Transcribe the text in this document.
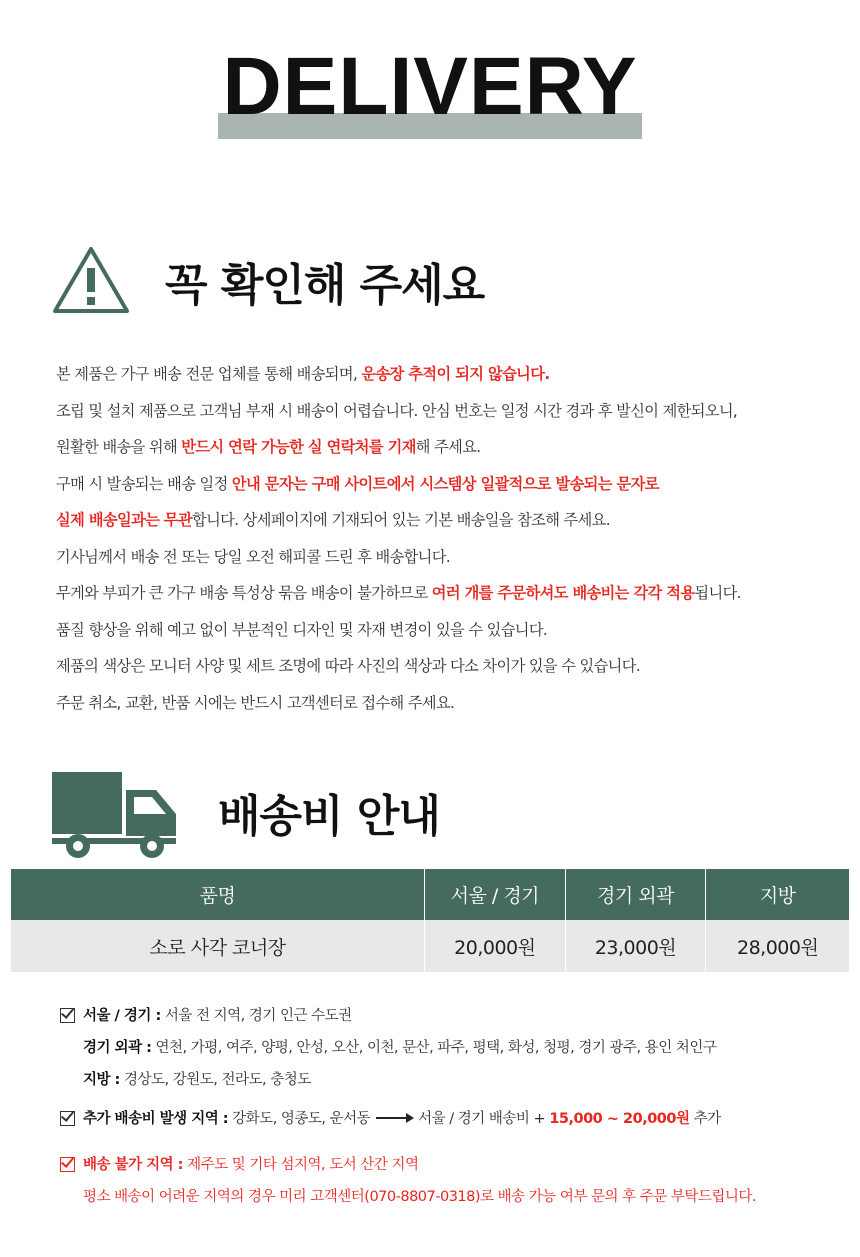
DELIVERY
꼭 확인해 주세요
본 제품은 가구 배송 전문 업체를 통해 배송되며, 운송장 추적이 되지 않습니다.
조립 및 설치 제품으로 고객님 부재 시 배송이 어렵습니다. 안심 번호는 일정 시간 경과 후 발신이 제한되오니,
원활한 배송을 위해 반드시 연락 가능한 실 연락처를 기재해 주세요.
구매 시 발송되는 배송 일정 안내 문자는 구매 사이트에서 시스템상 일괄적으로 발송되는 문자로
실제 배송일과는 무관합니다. 상세페이지에 기재되어 있는 기본 배송일을 참조해 주세요.
기사님께서 배송 전 또는 당일 오전 해피콜 드린 후 배송합니다.
무게와 부피가 큰 가구 배송 특성상 묶음 배송이 불가하므로 여러 개를 주문하셔도 배송비는 각각 적용됩니다.
품질 향상을 위해 예고 없이 부분적인 디자인 및 자재 변경이 있을 수 있습니다.
제품의 색상은 모니터 사양 및 세트 조명에 따라 사진의 색상과 다소 차이가 있을 수 있습니다.
주문 취소, 교환, 반품 시에는 반드시 고객센터로 접수해 주세요.
배송비 안내
품명	서울 / 경기	경기 외곽	지방
소로 사각 코너장	20,000원	23,000원	28,000원
서울 / 경기 : 서울 전 지역, 경기 인근 수도권
경기 외곽 : 연천, 가평, 여주, 양평, 안성, 오산, 이천, 문산, 파주, 평택, 화성, 청평, 경기 광주, 용인 처인구
지방 : 경상도, 강원도, 전라도, 충청도
추가 배송비 발생 지역 : 강화도, 영종도, 운서동	서울 / 경기 배송비 + 15,000 ~ 20,000원 추가
배송 불가 지역 : 제주도 및 기타 섬지역, 도서 산간 지역
평소 배송이 어려운 지역의 경우 미리 고객센터(070-8807-0318)로 배송 가능 여부 문의 후 주문 부탁드립니다.
